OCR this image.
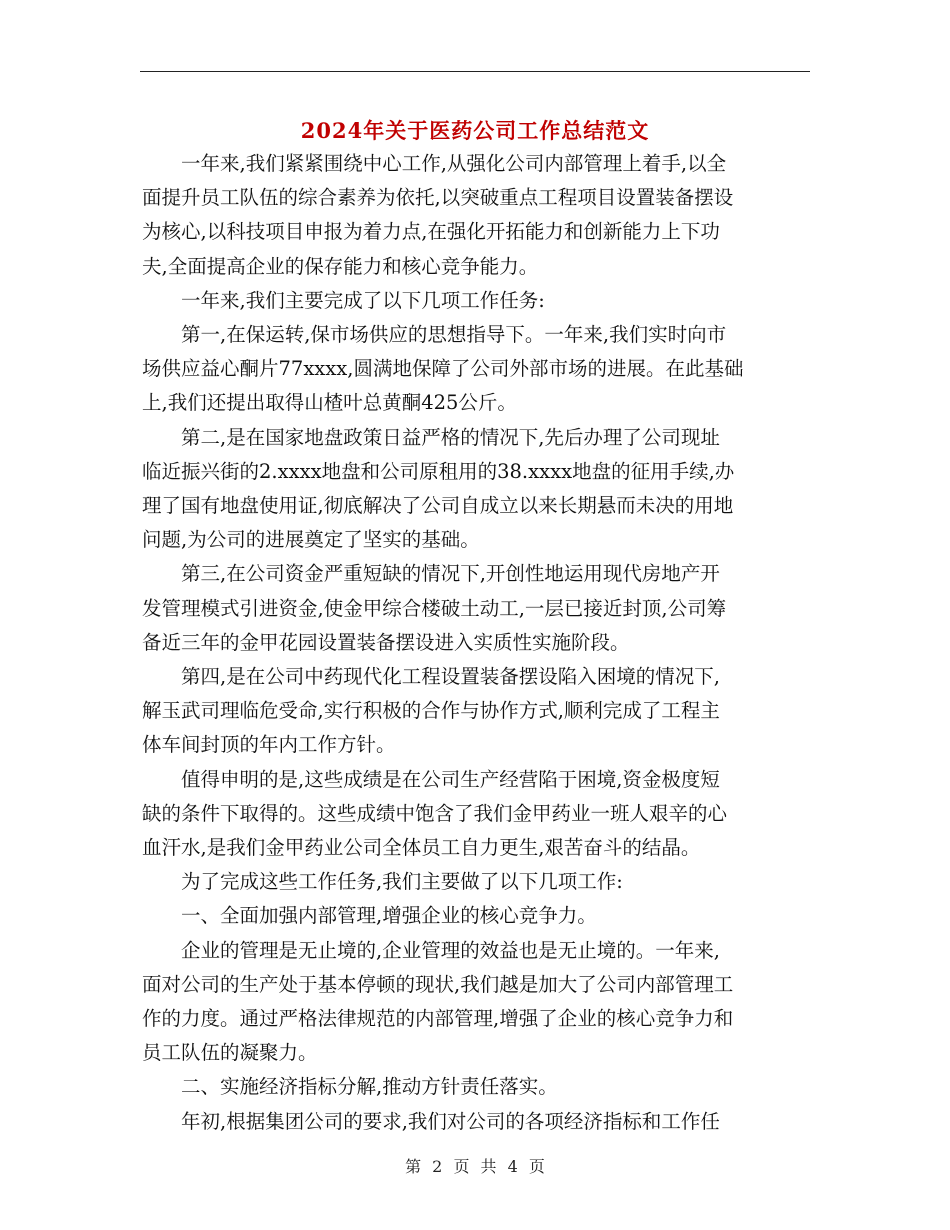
2024年关于医药公司工作总结范文
　　一年来,我们紧紧围绕中心工作,从强化公司内部管理上着手,以全
面提升员工队伍的综合素养为依托,以突破重点工程项目设置装备摆设
为核心,以科技项目申报为着力点,在强化开拓能力和创新能力上下功
夫,全面提高企业的保存能力和核心竞争能力。
　　一年来,我们主要完成了以下几项工作任务:
　　第一,在保运转,保市场供应的思想指导下。一年来,我们实时向市
场供应益心酮片77xxxx,圆满地保障了公司外部市场的进展。在此基础
上,我们还提出取得山楂叶总黄酮425公斤。
　　第二,是在国家地盘政策日益严格的情况下,先后办理了公司现址
临近振兴街的2.xxxx地盘和公司原租用的38.xxxx地盘的征用手续,办
理了国有地盘使用证,彻底解决了公司自成立以来长期悬而未决的用地
问题,为公司的进展奠定了坚实的基础。
　　第三,在公司资金严重短缺的情况下,开创性地运用现代房地产开
发管理模式引进资金,使金甲综合楼破土动工,一层已接近封顶,公司筹
备近三年的金甲花园设置装备摆设进入实质性实施阶段。
　　第四,是在公司中药现代化工程设置装备摆设陷入困境的情况下,
解玉武司理临危受命,实行积极的合作与协作方式,顺利完成了工程主
体车间封顶的年内工作方针。
　　值得申明的是,这些成绩是在公司生产经营陷于困境,资金极度短
缺的条件下取得的。这些成绩中饱含了我们金甲药业一班人艰辛的心
血汗水,是我们金甲药业公司全体员工自力更生,艰苦奋斗的结晶。
　　为了完成这些工作任务,我们主要做了以下几项工作:
　　一、全面加强内部管理,增强企业的核心竞争力。
　　企业的管理是无止境的,企业管理的效益也是无止境的。一年来,
面对公司的生产处于基本停顿的现状,我们越是加大了公司内部管理工
作的力度。通过严格法律规范的内部管理,增强了企业的核心竞争力和
员工队伍的凝聚力。
　　二、实施经济指标分解,推动方针责任落实。
　　年初,根据集团公司的要求,我们对公司的各项经济指标和工作任
第 2 页 共 4 页
